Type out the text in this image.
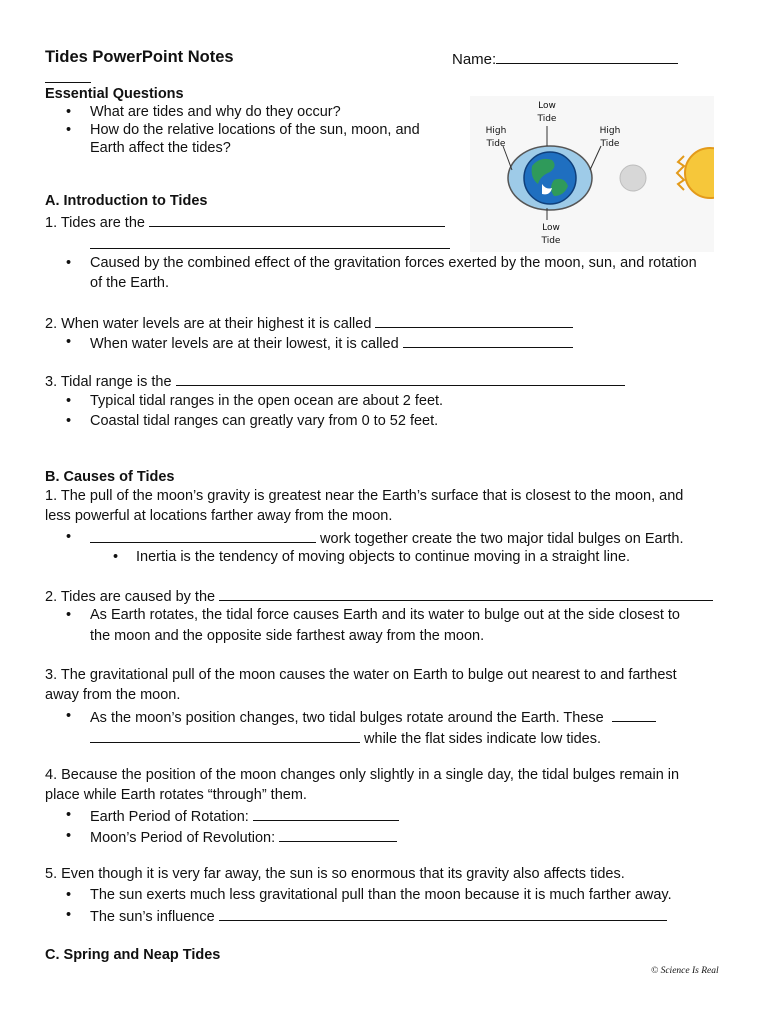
Tides PowerPoint Notes	Name:
Essential Questions
• What are tides and why do they occur?
• How do the relative locations of the sun, moon, and
Earth affect the tides?
Low
Tide
High
Tide
High
Tide
Low
Tide
A. Introduction to Tides
1. Tides are the
• Caused by the combined effect of the gravitation forces exerted by the moon, sun, and rotation
of the Earth.
2. When water levels are at their highest it is called
• When water levels are at their lowest, it is called
3. Tidal range is the
• Typical tidal ranges in the open ocean are about 2 feet.
• Coastal tidal ranges can greatly vary from 0 to 52 feet.
B. Causes of Tides
1. The pull of the moon’s gravity is greatest near the Earth’s surface that is closest to the moon, and
less powerful at locations farther away from the moon.
•	work together create the two major tidal bulges on Earth.
• Inertia is the tendency of moving objects to continue moving in a straight line.
2. Tides are caused by the
• As Earth rotates, the tidal force causes Earth and its water to bulge out at the side closest to
the moon and the opposite side farthest away from the moon.
3. The gravitational pull of the moon causes the water on Earth to bulge out nearest to and farthest
away from the moon.
• As the moon’s position changes, two tidal bulges rotate around the Earth. These
while the flat sides indicate low tides.
4. Because the position of the moon changes only slightly in a single day, the tidal bulges remain in
place while Earth rotates “through” them.
• Earth Period of Rotation:
• Moon’s Period of Revolution:
5. Even though it is very far away, the sun is so enormous that its gravity also affects tides.
• The sun exerts much less gravitational pull than the moon because it is much farther away.
• The sun’s influence
C. Spring and Neap Tides
© Science Is Real
